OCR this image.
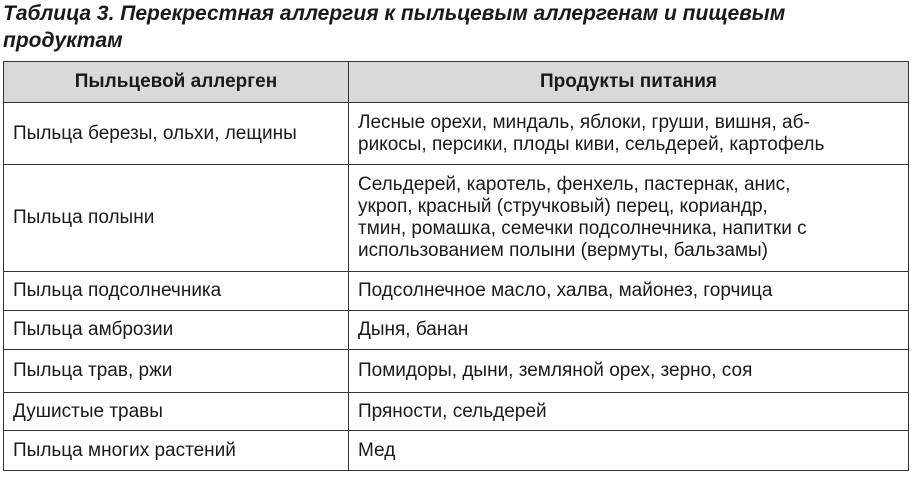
Таблица 3. Перекрестная аллергия к пыльцевым аллергенам и пищевым
продуктам
Пыльцевой аллерген	Продукты питания
Пыльца березы, ольхи, лещины	Лесные орехи, миндаль, яблоки, груши, вишня, аб-
рикосы, персики, плоды киви, сельдерей, картофель

Пыльца полыни	Сельдерей, каротель, фенхель, пастернак, анис,
укроп, красный (стручковый) перец, кориандр,
тмин, ромашка, семечки подсолнечника, напитки с
использованием полыни (вермуты, бальзамы)

Пыльца подсолнечника	Подсолнечное масло, халва, майонез, горчица

Пыльца амброзии	Дыня, банан

Пыльца трав, ржи	Помидоры, дыни, земляной орех, зерно, соя

Душистые травы	Пряности, сельдерей

Пыльца многих растений	Мед
